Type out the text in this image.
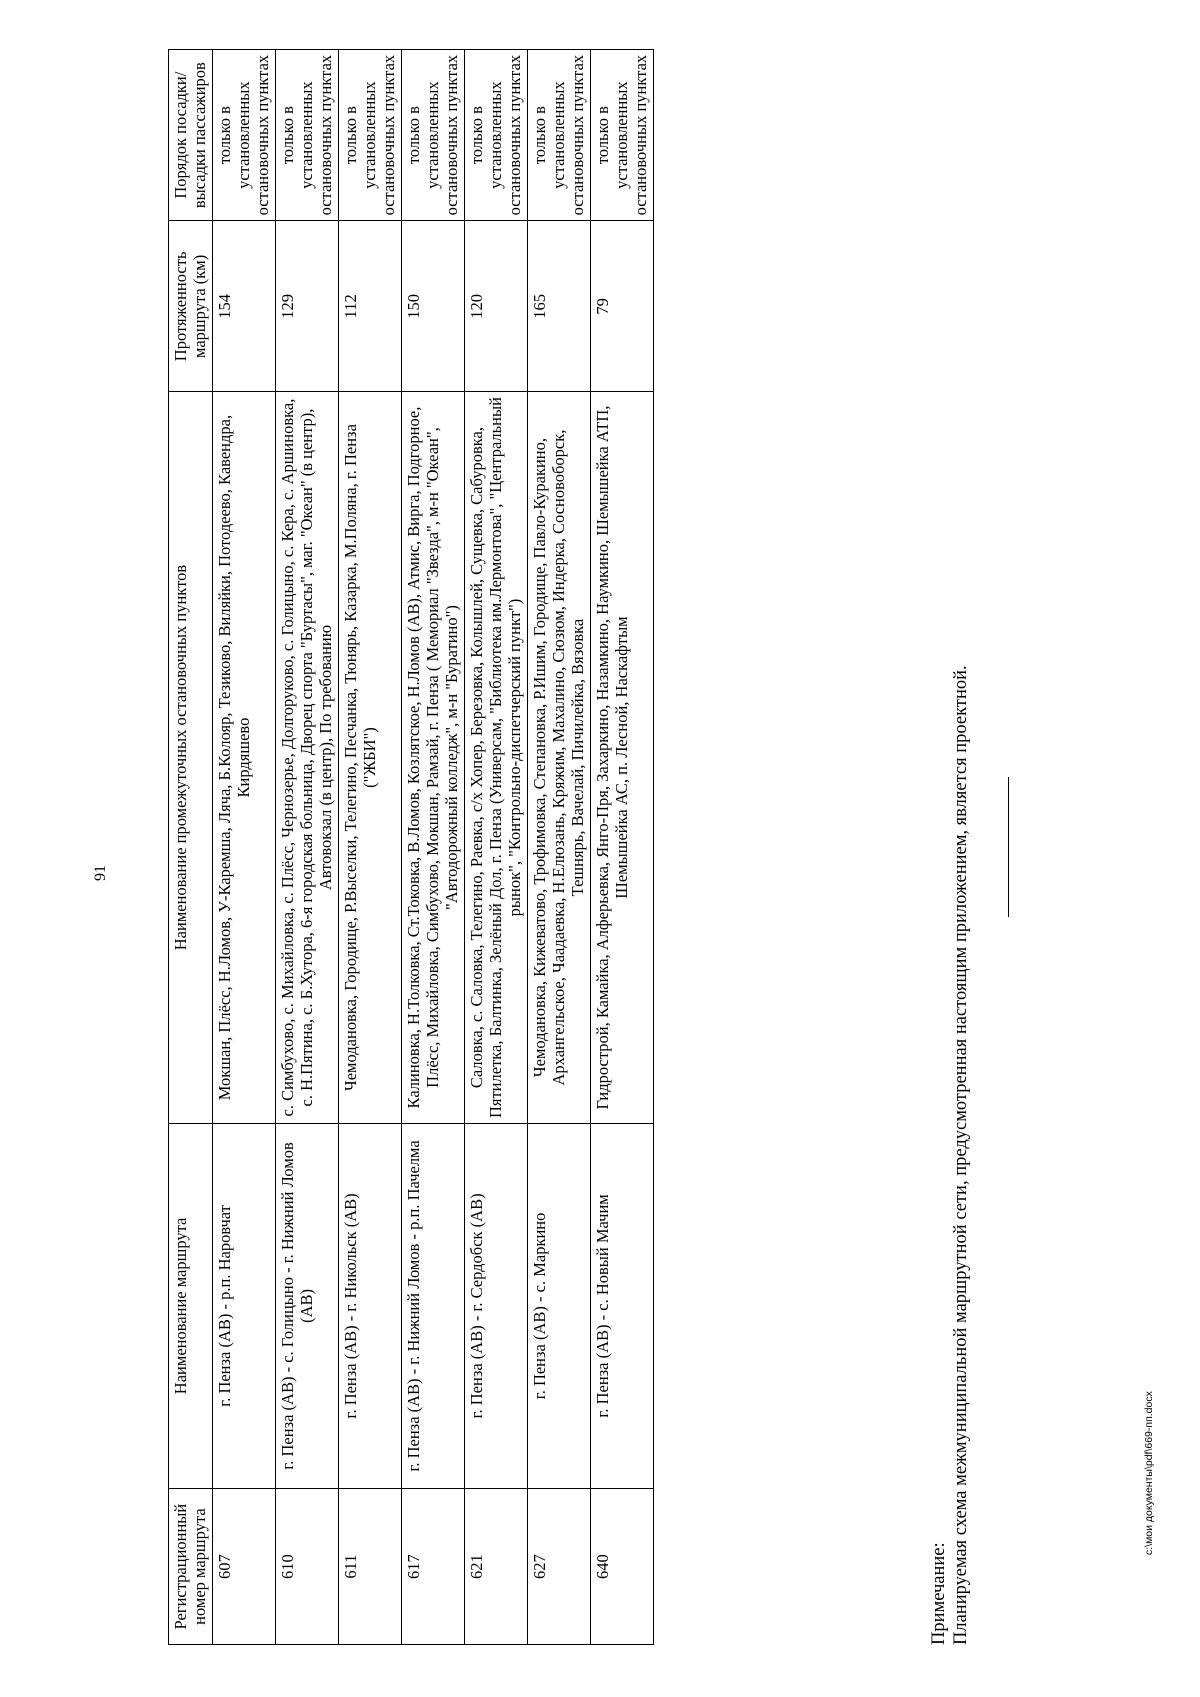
91
Регистрационный номер маршрута	Наименование маршрута	Наименование промежуточных остановочных пунктов	Протяженность маршрута (км)	Порядок посадки/высадки пассажиров
607	г. Пенза (АВ) - р.п. Наровчат	Мокшан, Плёсс, Н.Ломов, У-Каремша, Ляча, Б.Колояр, Тезиково, Виляйки, Потодеево, Кавендра, Кирдяшево	154	только в установленных остановочных пунктах
610	г. Пенза (АВ) - с. Голицыно - г. Нижний Ломов (АВ)	с. Симбухово, с. Михайловка, с. Плёсс, Чернозерье, Долгоруково, с. Голицыно, с. Кера, с. Аршиновка, с. Н.Пятина, с. Б.Хутора, 6-я городская больница, Дворец спорта "Буртасы", маг. "Океан" (в центр), Автовокзал (в центр), По требованию	129	только в установленных остановочных пунктах
611	г. Пенза (АВ) - г. Никольск (АВ)	Чемодановка, Городище, Р.Выселки, Телегино, Песчанка, Тюнярь, Казарка, М.Поляна, г. Пенза ("ЖБИ")	112	только в установленных остановочных пунктах
617	г. Пенза (АВ) - г. Нижний Ломов - р.п. Пачелма	Калиновка, Н.Толковка, Ст.Токовка, В.Ломов, Козлятское, Н.Ломов (АВ), Атмис, Вирга, Подгорное, Плёсс, Михайловка, Симбухово, Мокшан, Рамзай, г. Пенза ( Мемориал "Звезда", м-н "Океан", "Автодорожный колледж", м-н "Буратино")	150	только в установленных остановочных пунктах
621	г. Пенза (АВ) - г. Сердобск (АВ)	Саловка, с. Саловка, Телегино, Раевка, с/х Хопер, Березовка, Колышлей, Сущевка, Сабуровка, Пятилетка, Балтинка, Зелёный Дол, г. Пенза (Универсам, "Библиотека им.Лермонтова", "Центральный рынок", "Контрольно-диспетчерский пункт")	120	только в установленных остановочных пунктах
627	г. Пенза (АВ) - с. Маркино	Чемодановка, Кижеватово, Трофимовка, Степановка, Р.Ишим, Городище, Павло-Куракино, Архангельское, Чаадаевка, Н.Елюзань, Кряжим, Махалино, Сюзюм, Индерка, Сосновоборск, Тешнярь, Вачелай, Пичилейка, Вязовка	165	только в установленных остановочных пунктах
640	г. Пенза (АВ) - с. Новый Мачим	Гидрострой, Камайка, Алферьевка, Янго-Пря, Захаркино, Назамкино, Наумкино, Шемышейка АТП, Шемышейка АС, п. Лесной, Наскафтым	79	только в установленных остановочных пунктах
Примечание: Планируемая схема межмуниципальной маршрутной сети, предусмотренная настоящим приложением, является проектной.	c:\мои документы\pdf\669-пп.docx
